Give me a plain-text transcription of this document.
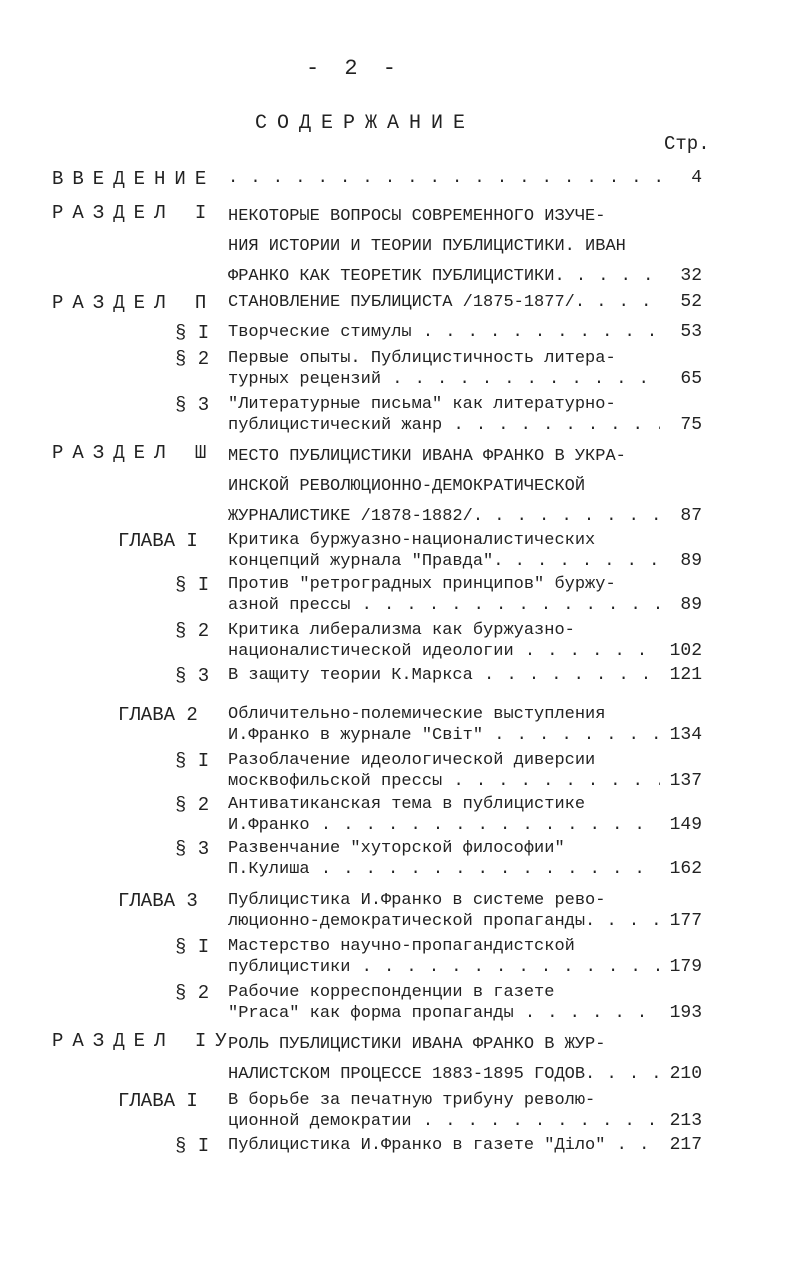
- 2 -
СОДЕРЖАНИЕ
Стр.
ВВЕДЕНИЕ . . .	4
РАЗДЕЛ I НЕКОТОРЫЕ ВОПРОСЫ СОВРЕМЕННОГО ИЗУЧЕ-
НИЯ ИСТОРИИ И ТЕОРИИ ПУБЛИЦИСТИКИ. ИВАН
ФРАНКО КАК ТЕОРЕТИК ПУБЛИЦИСТИКИ. . . .	32
РАЗДЕЛ П СТАНОВЛЕНИЕ ПУБЛИЦИСТА /1875-1877/. . . .	52
§ I Творческие стимулы . . .	53
§ 2 Первые опыты. Публицистичность литера-
турных рецензий . . .	65
§ 3 "Литературные письма" как литературно-
публицистический жанр . . .	75
РАЗДЕЛ Ш МЕСТО ПУБЛИЦИСТИКИ ИВАНА ФРАНКО В УКРА-
ИНСКОЙ РЕВОЛЮЦИОННО-ДЕМОКРАТИЧЕСКОЙ
ЖУРНАЛИСТИКЕ /1878-1882/. . . .	87
ГЛАВА I Критика буржуазно-националистических
концепций журнала "Правда". . . .	89
§ I Против "ретроградных принципов" буржу-
азной прессы . . .	89
§ 2 Критика либерализма как буржуазно-
националистической идеологии . . .	102
§ 3 В защиту теории К.Маркса . . .	121
ГЛАВА 2 Обличительно-полемические выступления
И.Франко в журнале "Світ" . . .	134
§ I Разоблачение идеологической диверсии
москвофильской прессы . . .	137
§ 2 Антиватиканская тема в публицистике
И.Франко . . .	149
§ 3 Развенчание "хуторской философии"
П.Кулиша . . .	162
ГЛАВА 3 Публицистика И.Франко в системе рево-
люционно-демократической пропаганды. . . .	177
§ I Мастерство научно-пропагандистской
публицистики . . .	179
§ 2 Рабочие корреспонденции в газете
"Praca" как форма пропаганды . . .	193
РАЗДЕЛ IУ
РОЛЬ ПУБЛИЦИСТИКИ ИВАНА ФРАНКО В ЖУР-
НАЛИСТСКОМ ПРОЦЕССЕ 1883-1895 ГОДОВ. . . .	210
ГЛАВА I В борьбе за печатную трибуну револю-
ционной демократии . . .	213
§ I Публицистика И.Франко в газете "Діло" . . .	217
